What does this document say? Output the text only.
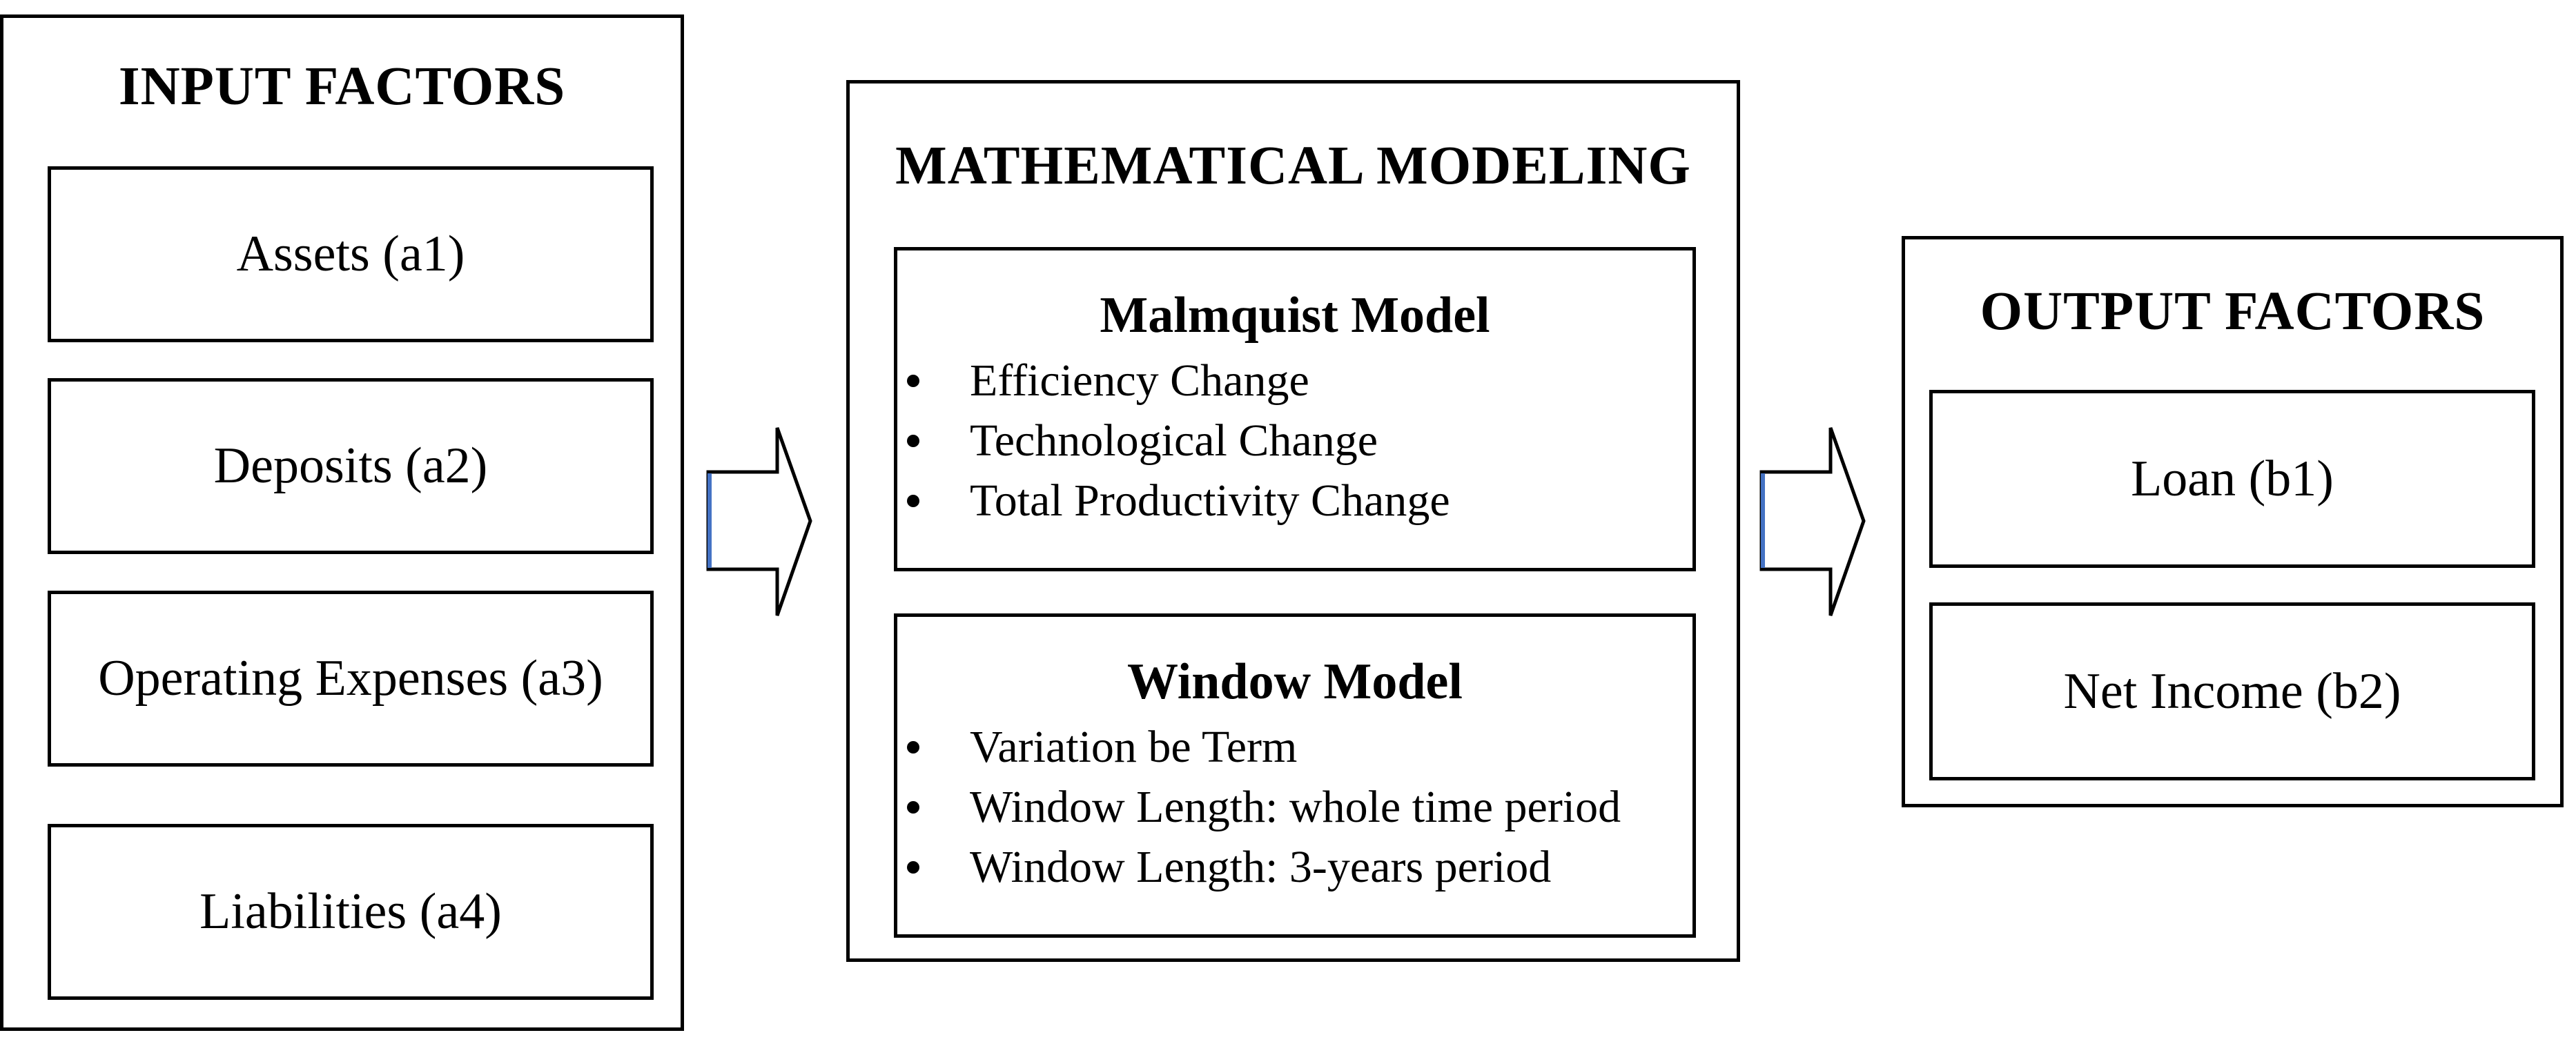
INPUT FACTORS
Assets (a1)
Deposits (a2)
Operating Expenses (a3)
Liabilities (a4)
MATHEMATICAL MODELING
Malmquist Model
Efficiency Change
Technological Change
Total Productivity Change
Window Model
Variation be Term
Window Length: whole time period
Window Length: 3-years period
OUTPUT FACTORS
Loan (b1)
Net Income (b2)
